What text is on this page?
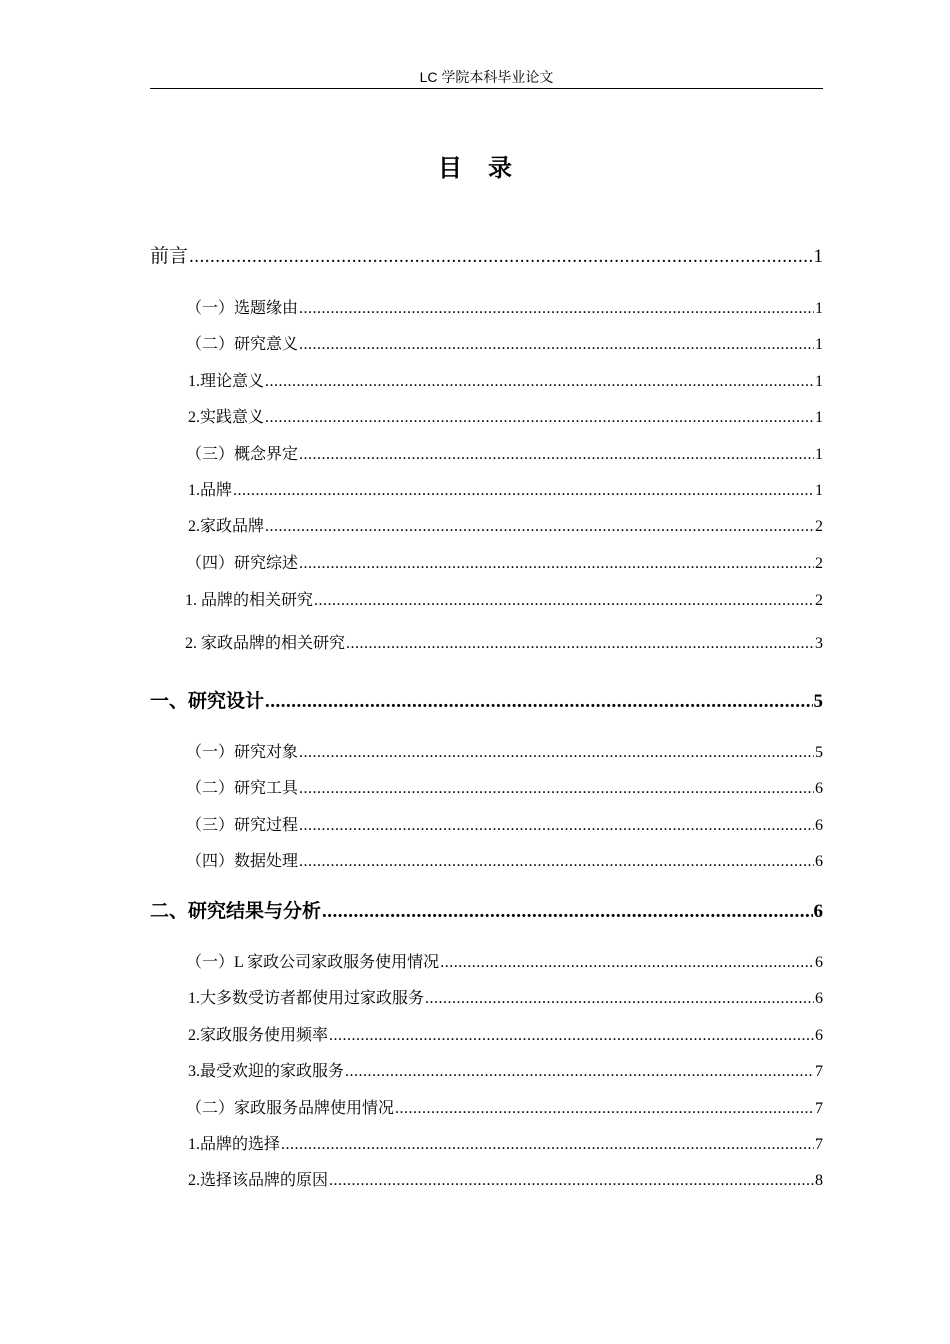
LC 学院本科毕业论文
目录
前言 .....	1
（一）选题缘由 .....	1
（二）研究意义 .....	1
1.理论意义 .....	1
2.实践意义 .....	1
（三）概念界定 .....	1
1.品牌 .....	1
2.家政品牌 .....	2
（四）研究综述 .....	2
1. 品牌的相关研究 .....	2
2. 家政品牌的相关研究 .....	3
一、研究设计 .....	5
（一）研究对象 .....	5
（二）研究工具 .....	6
（三）研究过程 .....	6
（四）数据处理 .....	6
二、研究结果与分析 .....	6
（一）L 家政公司家政服务使用情况 .....	6
1.大多数受访者都使用过家政服务 .....	6
2.家政服务使用频率 .....	6
3.最受欢迎的家政服务 .....	7
（二）家政服务品牌使用情况 .....	7
1.品牌的选择 .....	7
2.选择该品牌的原因 .....	8
